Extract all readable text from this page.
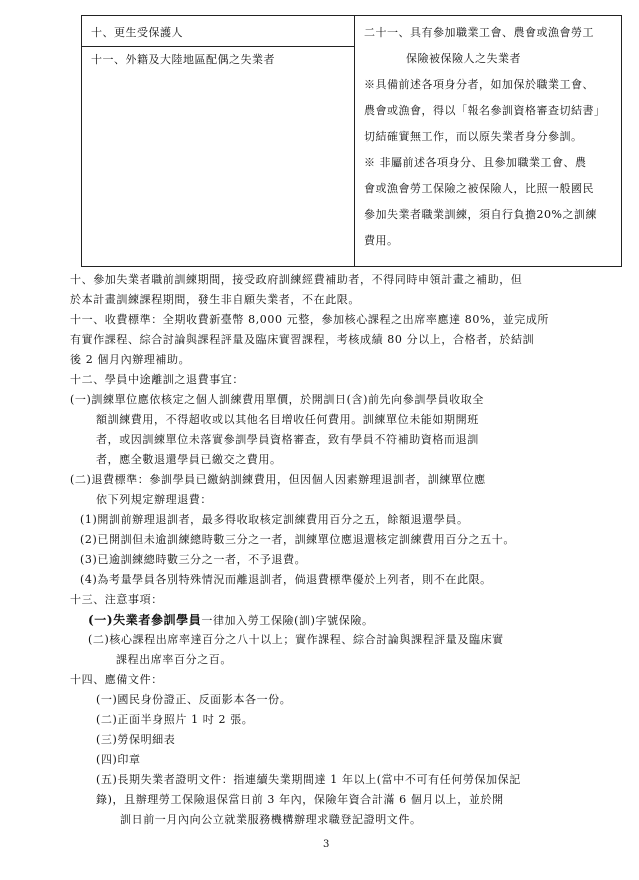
十、更生受保護人
十一、外籍及大陸地區配偶之失業者
二十一、具有參加職業工會、農會或漁會勞工
保險被保險人之失業者
※具備前述各項身分者，如加保於職業工會、
農會或漁會，得以「報名參訓資格審查切結書」
切結確實無工作，而以原失業者身分參訓。
※ 非屬前述各項身分、且參加職業工會、農
會或漁會勞工保險之被保險人，比照一般國民
參加失業者職業訓練，須自行負擔20%之訓練
費用。
十、參加失業者職前訓練期間，接受政府訓練經費補助者，不得同時申領計畫之補助，但
於本計畫訓練課程期間，發生非自願失業者，不在此限。
十一、收費標準：全期收費新臺幣 8,000 元整，參加核心課程之出席率應達 80%，並完成所
有實作課程、綜合討論與課程評量及臨床實習課程，考核成績 80 分以上，合格者，於結訓
後 2 個月內辦理補助。
十二、學員中途離訓之退費事宜：
(一)訓練單位應依核定之個人訓練費用單價，於開訓日(含)前先向參訓學員收取全
額訓練費用，不得超收或以其他名目增收任何費用。訓練單位未能如期開班
者，或因訓練單位未落實參訓學員資格審查，致有學員不符補助資格而退訓
者，應全數退還學員已繳交之費用。
(二)退費標準：參訓學員已繳納訓練費用，但因個人因素辦理退訓者，訓練單位應
依下列規定辦理退費：
(1)開訓前辦理退訓者，最多得收取核定訓練費用百分之五，餘額退還學員。
(2)已開訓但未逾訓練總時數三分之一者，訓練單位應退還核定訓練費用百分之五十。
(3)已逾訓練總時數三分之一者，不予退費。
(4)為考量學員各別特殊情況而離退訓者，倘退費標準優於上列者，則不在此限。
十三、注意事項：
(一)失業者參訓學員一律加入勞工保險(訓)字號保險。
(二)核心課程出席率達百分之八十以上；實作課程、綜合討論與課程評量及臨床實
課程出席率百分之百。
十四、應備文件：
(一)國民身份證正、反面影本各一份。
(二)正面半身照片 1 吋 2 張。
(三)勞保明細表
(四)印章
(五)長期失業者證明文件：指連續失業期間達 1 年以上(當中不可有任何勞保加保記
錄)，且辦理勞工保險退保當日前 3 年內，保險年資合計滿 6 個月以上，並於開
訓日前一月內向公立就業服務機構辦理求職登記證明文件。
3
